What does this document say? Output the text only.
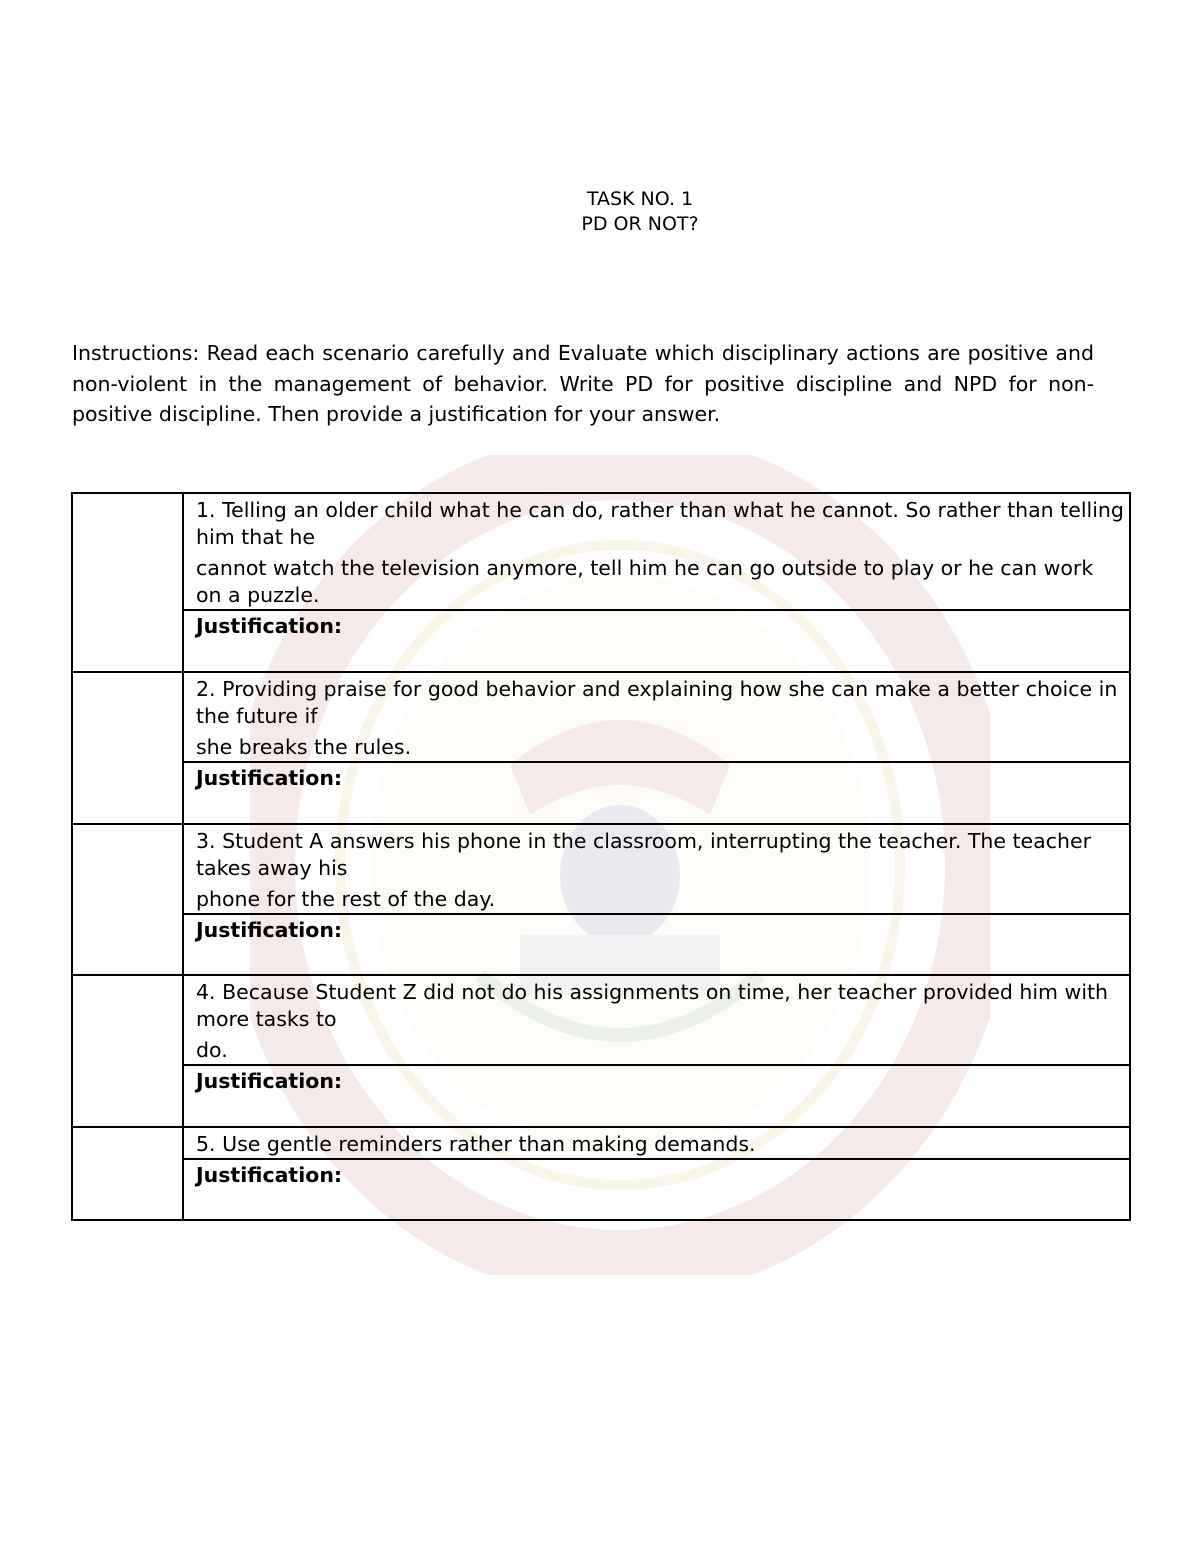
TASK NO. 1
PD OR NOT?
Instructions: Read each scenario carefully and Evaluate which disciplinary actions are positive and non-violent in the management of behavior. Write PD for positive discipline and NPD for non-positive discipline. Then provide a justification for your answer.

	1. Telling an older child what he can do, rather than what he cannot. So rather than telling him that he
cannot watch the television anymore, tell him he can go outside to play or he can work on a puzzle.

	Justification:

	2. Providing praise for good behavior and explaining how she can make a better choice in the future if
she breaks the rules.

	Justification:

	3. Student A answers his phone in the classroom, interrupting the teacher. The teacher takes away his
phone for the rest of the day.

	Justification:

	4. Because Student Z did not do his assignments on time, her teacher provided him with more tasks to
do.

	Justification:

	5. Use gentle reminders rather than making demands.

	Justification:
